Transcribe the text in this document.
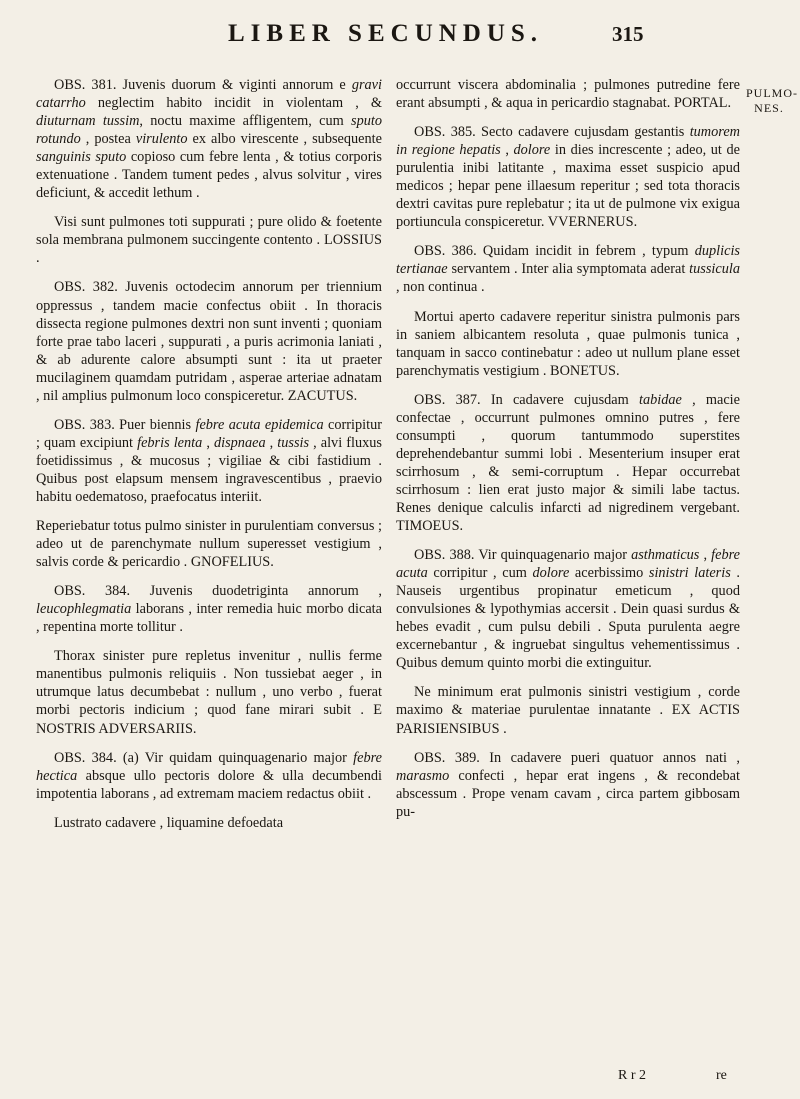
LIBER SECUNDUS.	315

OBS. 381. Juvenis duorum & viginti annorum e gravi catarrho neglectim habito incidit in violentam , & diuturnam tussim, noctu maxime affligentem, cum sputo rotundo , postea virulento ex albo virescente , subsequente sanguinis sputo copioso cum febre lenta , & totius corporis extenuatione . Tandem tument pedes , alvus solvitur , vires deficiunt, & accedit lethum .

Visi sunt pulmones toti suppurati ; pure olido & foetente sola membrana pulmonem succingente contento . LOSSIUS .

OBS. 382. Juvenis octodecim annorum per triennium oppressus , tandem macie confectus obiit . In thoracis dissecta regione pulmones dextri non sunt inventi ; quoniam forte prae tabo laceri , suppurati , a puris acrimonia laniati , & ab adurente calore absumpti sunt : ita ut praeter mucilaginem quamdam putridam , asperae arteriae adnatam , nil amplius pulmonum loco conspiceretur. ZACUTUS.

OBS. 383. Puer biennis febre acuta epidemica corripitur ; quam excipiunt febris lenta , dispnaea , tussis , alvi fluxus foetidissimus , & mucosus ; vigiliae & cibi fastidium . Quibus post elapsum mensem ingravescentibus , praevio habitu oedematoso, praefocatus interiit.

Reperiebatur totus pulmo sinister in purulentiam conversus ; adeo ut de parenchymate nullum superesset vestigium , salvis corde & pericardio . GNOFELIUS.

OBS. 384. Juvenis duodetriginta annorum , leucophlegmatia laborans , inter remedia huic morbo dicata , repentina morte tollitur .

Thorax sinister pure repletus invenitur , nullis ferme manentibus pulmonis reliquiis . Non tussiebat aeger , in utrumque latus decumbebat : nullum , uno verbo , fuerat morbi pectoris indicium ; quod fane mirari subit . E NOSTRIS ADVERSARIIS.

OBS. 384. (a) Vir quidam quinquagenario major febre hectica absque ullo pectoris dolore & ulla decumbendi impotentia laborans , ad extremam maciem redactus obiit .

Lustrato cadavere , liquamine defoedata

occurrunt viscera abdominalia ; pulmones putredine fere erant absumpti , & aqua in pericardio stagnabat. PORTAL.

OBS. 385. Secto cadavere cujusdam gestantis tumorem in regione hepatis , dolore in dies increscente ; adeo, ut de purulentia inibi latitante , maxima esset suspicio apud medicos ; hepar pene illaesum reperitur ; sed tota thoracis dextri cavitas pure replebatur ; ita ut de pulmone vix exigua portiuncula conspiceretur. VVERNERUS.

OBS. 386. Quidam incidit in febrem , typum duplicis tertianae servantem . Inter alia symptomata aderat tussicula , non continua .

Mortui aperto cadavere reperitur sinistra pulmonis pars in saniem albicantem resoluta , quae pulmonis tunica , tanquam in sacco continebatur : adeo ut nullum plane esset parenchymatis vestigium . BONETUS.

OBS. 387. In cadavere cujusdam tabidae , macie confectae , occurrunt pulmones omnino putres , fere consumpti , quorum tantummodo superstites deprehendebantur summi lobi . Mesenterium insuper erat scirrhosum , & semi-corruptum . Hepar occurrebat scirrhosum : lien erat justo major & simili labe tactus. Renes denique calculis infarcti ad nigredinem vergebant. TIMOEUS.

OBS. 388. Vir quinquagenario major asthmaticus , febre acuta corripitur , cum dolore acerbissimo sinistri lateris . Nauseis urgentibus propinatur emeticum , quod convulsiones & lypothymias accersit . Dein quasi surdus & hebes evadit , cum pulsu debili . Sputa purulenta aegre excernebantur , & ingruebat singultus vehementissimus . Quibus demum quinto morbi die extinguitur.

Ne minimum erat pulmonis sinistri vestigium , corde maximo & materiae purulentae innatante . EX ACTIS PARISIENSIBUS .

OBS. 389. In cadavere pueri quatuor annos nati , marasmo confecti , hepar erat ingens , & recondebat abscessum . Prope venam cavam , circa partem gibbosam pu-

PULMO-NES.
R r 2	re
